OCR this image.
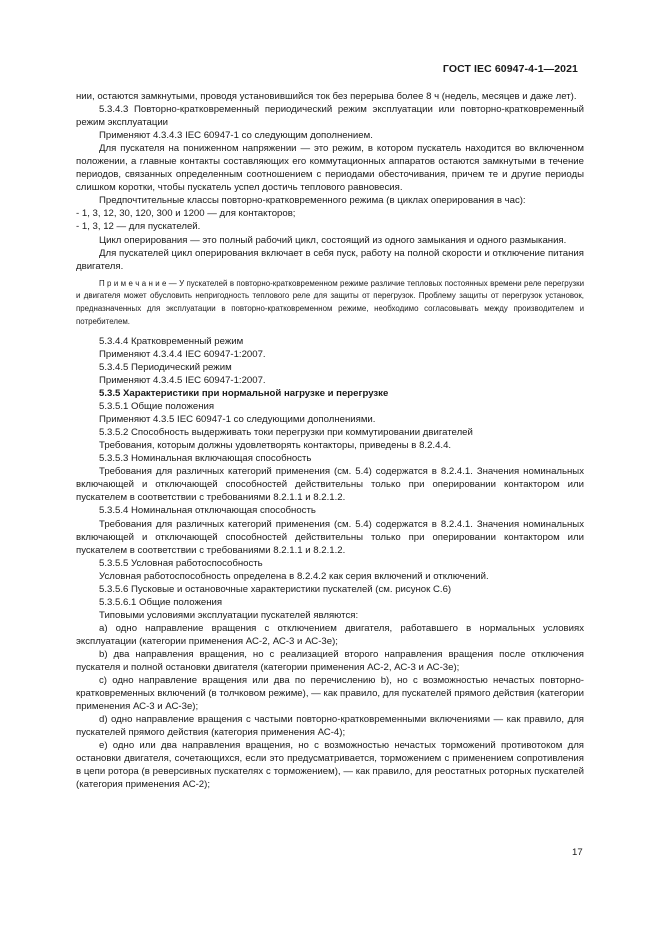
ГОСТ IEC 60947-4-1—2021

нии, остаются замкнутыми, проводя установившийся ток без перерыва более 8 ч (недель, месяцев и даже лет).

5.3.4.3 Повторно-кратковременный периодический режим эксплуатации или повторно-кратковременный режим эксплуатации

Применяют 4.3.4.3 IEC 60947-1 со следующим дополнением.

Для пускателя на пониженном напряжении — это режим, в котором пускатель находится во включенном положении, а главные контакты составляющих его коммутационных аппаратов остаются замкнутыми в течение периодов, связанных определенным соотношением с периодами обесточивания, причем те и другие периоды слишком коротки, чтобы пускатель успел достичь теплового равновесия.

Предпочтительные классы повторно-кратковременного режима (в циклах оперирования в час):

- 1, 3, 12, 30, 120, 300 и 1200 — для контакторов;

- 1, 3, 12 — для пускателей.

Цикл оперирования — это полный рабочий цикл, состоящий из одного замыкания и одного размыкания.

Для пускателей цикл оперирования включает в себя пуск, работу на полной скорости и отключение питания двигателя.

П р и м е ч а н и е — У пускателей в повторно-кратковременном режиме различие тепловых постоянных времени реле перегрузки и двигателя может обусловить непригодность теплового реле для защиты от перегрузок. Проблему защиты от перегрузок установок, предназначенных для эксплуатации в повторно-кратковременном режиме, необходимо согласовывать между производителем и потребителем.

5.3.4.4 Кратковременный режим

Применяют 4.3.4.4 IEC 60947-1:2007.

5.3.4.5 Периодический режим

Применяют 4.3.4.5 IEC 60947-1:2007.

5.3.5 Характеристики при нормальной нагрузке и перегрузке

5.3.5.1 Общие положения

Применяют 4.3.5 IEC 60947-1 со следующими дополнениями.

5.3.5.2 Способность выдерживать токи перегрузки при коммутировании двигателей

Требования, которым должны удовлетворять контакторы, приведены в 8.2.4.4.

5.3.5.3 Номинальная включающая способность

Требования для различных категорий применения (см. 5.4) содержатся в 8.2.4.1. Значения номинальных включающей и отключающей способностей действительны только при оперировании контактором или пускателем в соответствии с требованиями 8.2.1.1 и 8.2.1.2.

5.3.5.4 Номинальная отключающая способность

Требования для различных категорий применения (см. 5.4) содержатся в 8.2.4.1. Значения номинальных включающей и отключающей способностей действительны только при оперировании контактором или пускателем в соответствии с требованиями 8.2.1.1 и 8.2.1.2.

5.3.5.5 Условная работоспособность

Условная работоспособность определена в 8.2.4.2 как серия включений и отключений.

5.3.5.6 Пусковые и остановочные характеристики пускателей (см. рисунок С.6)

5.3.5.6.1 Общие положения

Типовыми условиями эксплуатации пускателей являются:

a) одно направление вращения с отключением двигателя, работавшего в нормальных условиях эксплуатации (категории применения АС-2, АС-3 и АС-3е);

b) два направления вращения, но с реализацией второго направления вращения после отключения пускателя и полной остановки двигателя (категории применения АС-2, АС-3 и АС-3е);

c) одно направление вращения или два по перечислению b), но с возможностью нечастых повторно-кратковременных включений (в толчковом режиме), — как правило, для пускателей прямого действия (категории применения АС-3 и АС-3е);

d) одно направление вращения с частыми повторно-кратковременными включениями — как правило, для пускателей прямого действия (категория применения АС-4);

e) одно или два направления вращения, но с возможностью нечастых торможений противотоком для остановки двигателя, сочетающихся, если это предусматривается, торможением с применением сопротивления в цепи ротора (в реверсивных пускателях с торможением), — как правило, для реостатных роторных пускателей (категория применения АС-2);

17
